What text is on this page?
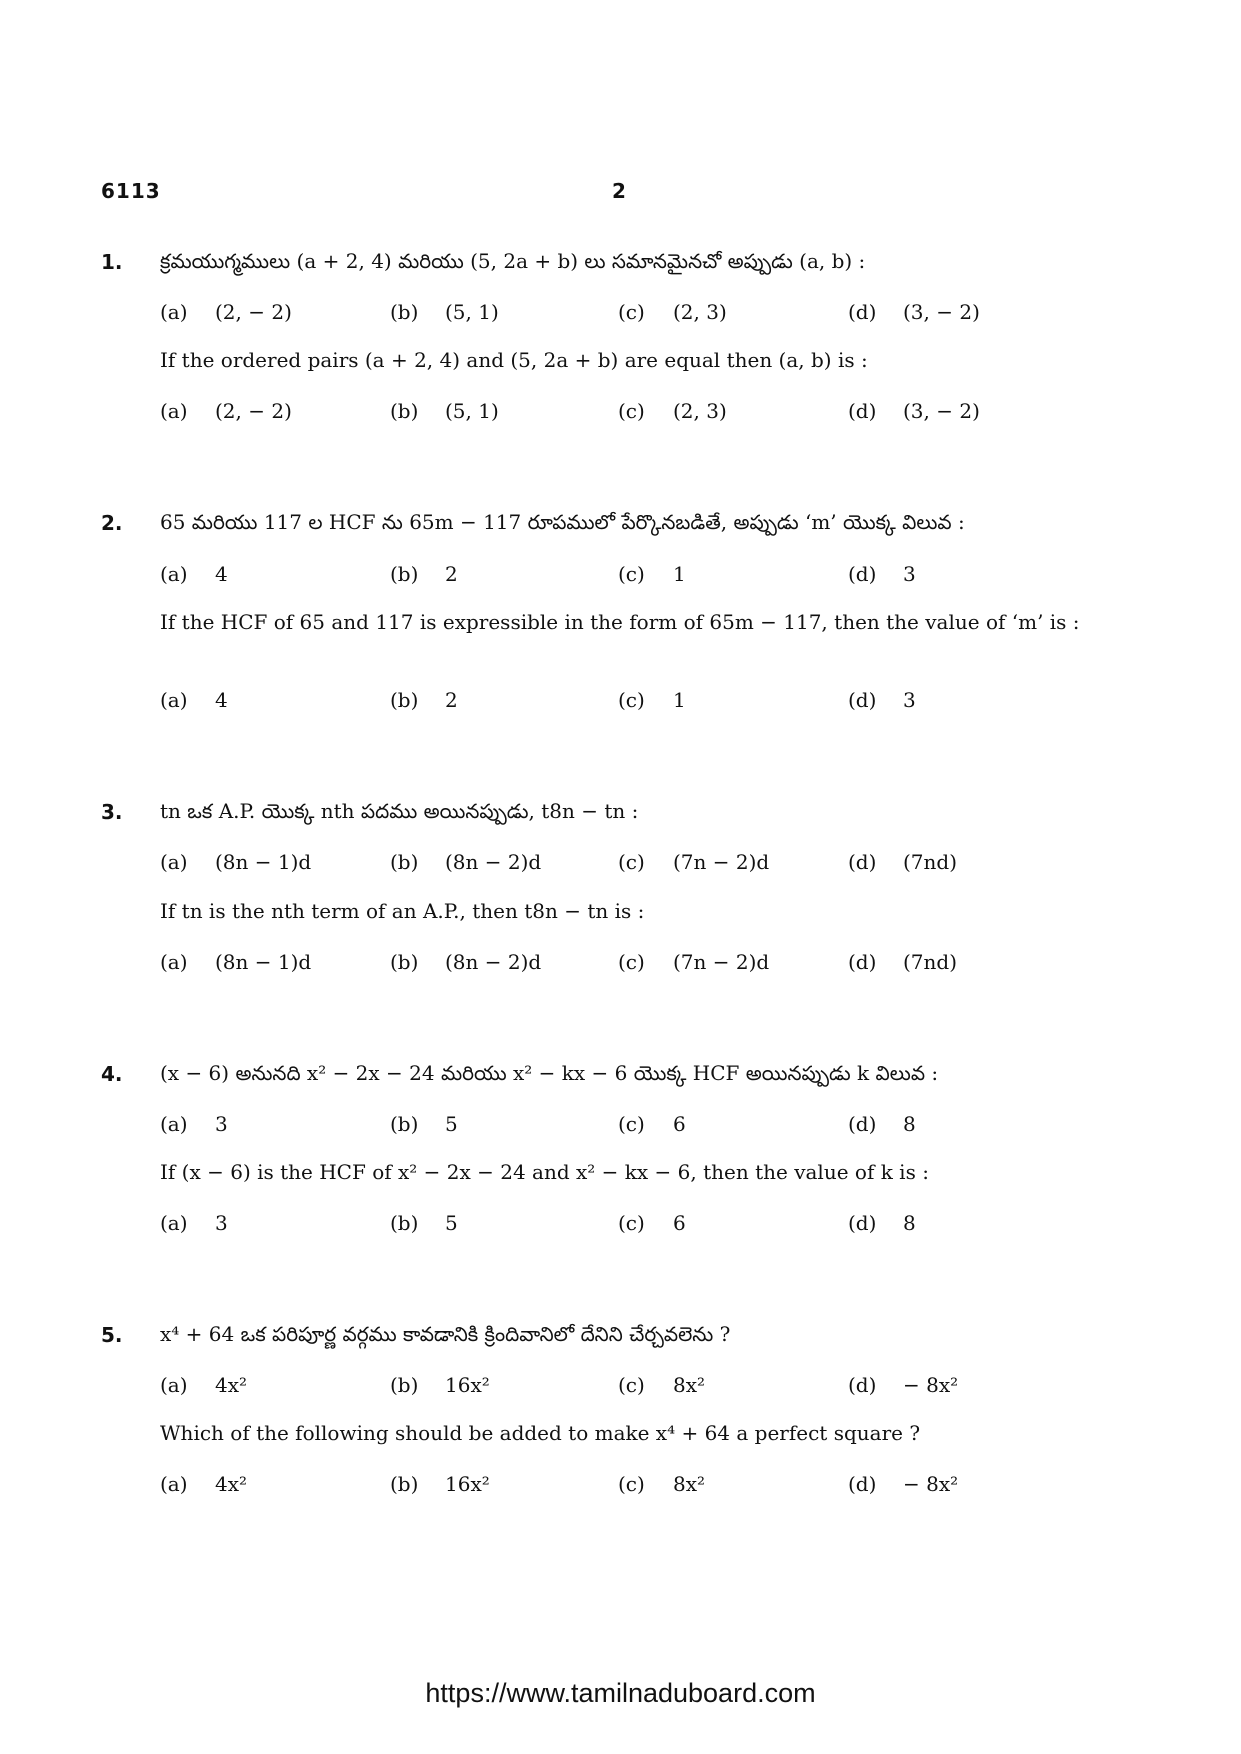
6113	2
1. క్రమయుగ్మములు (a + 2, 4) మరియు (5, 2a + b) లు సమానమైనచో అప్పుడు (a, b) :
(a) (2, − 2)	(b) (5, 1)	(c) (2, 3)	(d) (3, − 2)
If the ordered pairs (a + 2, 4) and (5, 2a + b) are equal then (a, b) is :
(a) (2, − 2)	(b) (5, 1)	(c) (2, 3)	(d) (3, − 2)
2. 65 మరియు 117 ల HCF ను 65m − 117 రూపములో పేర్కొనబడితే, అప్పుడు ‘m’ యొక్క విలువ :
(a) 4	(b) 2	(c) 1	(d) 3
If the HCF of 65 and 117 is expressible in the form of 65m − 117, then the value of ‘m’ is :
(a) 4	(b) 2	(c) 1	(d) 3
3. tn ఒక A.P. యొక్క nth పదము అయినప్పుడు, t8n − tn :
(a) (8n − 1)d	(b) (8n − 2)d	(c) (7n − 2)d	(d) (7nd)
If tn is the nth term of an A.P., then t8n − tn is :
(a) (8n − 1)d	(b) (8n − 2)d	(c) (7n − 2)d	(d) (7nd)
4. (x − 6) అనునది x² − 2x − 24 మరియు x² − kx − 6 యొక్క HCF అయినప్పుడు k విలువ :
(a) 3	(b) 5	(c) 6	(d) 8
If (x − 6) is the HCF of x² − 2x − 24 and x² − kx − 6, then the value of k is :
(a) 3	(b) 5	(c) 6	(d) 8
5. x⁴ + 64 ఒక పరిపూర్ణ వర్గము కావడానికి క్రిందివానిలో దేనిని చేర్చవలెను ?
(a) 4x²	(b) 16x²	(c) 8x²	(d) − 8x²
Which of the following should be added to make x⁴ + 64 a perfect square ?
(a) 4x²	(b) 16x²	(c) 8x²	(d) − 8x²
https://www.tamilnaduboard.com
